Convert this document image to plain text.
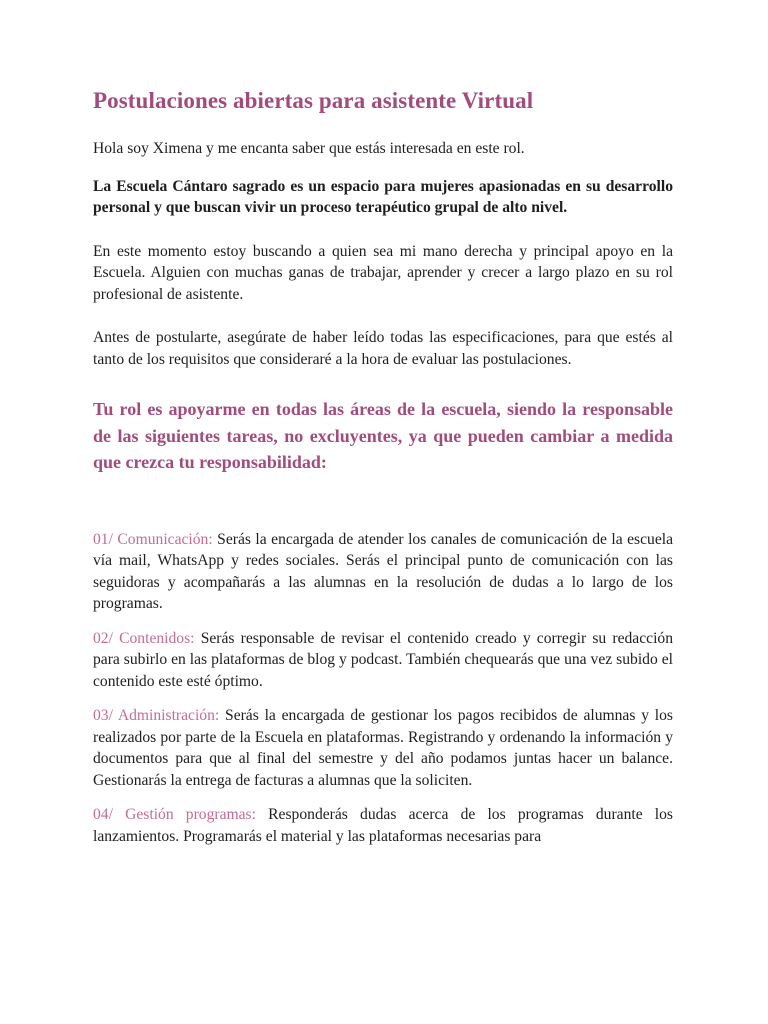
Postulaciones abiertas para asistente Virtual

Hola soy Ximena y me encanta saber que estás interesada en este rol.

La Escuela Cántaro sagrado es un espacio para mujeres apasionadas en su desarrollo personal y que buscan vivir un proceso terapéutico grupal de alto nivel.

En este momento estoy buscando a quien sea mi mano derecha y principal apoyo en la Escuela. Alguien con muchas ganas de trabajar, aprender y crecer a largo plazo en su rol profesional de asistente.

Antes de postularte, asegúrate de haber leído todas las especificaciones, para que estés al tanto de los requisitos que consideraré a la hora de evaluar las postulaciones.

Tu rol es apoyarme en todas las áreas de la escuela, siendo la responsable de las siguientes tareas, no excluyentes, ya que pueden cambiar a medida que crezca tu responsabilidad:

01/ Comunicación: Serás la encargada de atender los canales de comunicación de la escuela vía mail, WhatsApp y redes sociales. Serás el principal punto de comunicación con las seguidoras y acompañarás a las alumnas en la resolución de dudas a lo largo de los programas.

02/ Contenidos: Serás responsable de revisar el contenido creado y corregir su redacción para subirlo en las plataformas de blog y podcast. También chequearás que una vez subido el contenido este esté óptimo.

03/ Administración: Serás la encargada de gestionar los pagos recibidos de alumnas y los realizados por parte de la Escuela en plataformas. Registrando y ordenando la información y documentos para que al final del semestre y del año podamos juntas hacer un balance. Gestionarás la entrega de facturas a alumnas que la soliciten.

04/ Gestión programas: Responderás dudas acerca de los programas durante los lanzamientos. Programarás el material y las plataformas necesarias para
